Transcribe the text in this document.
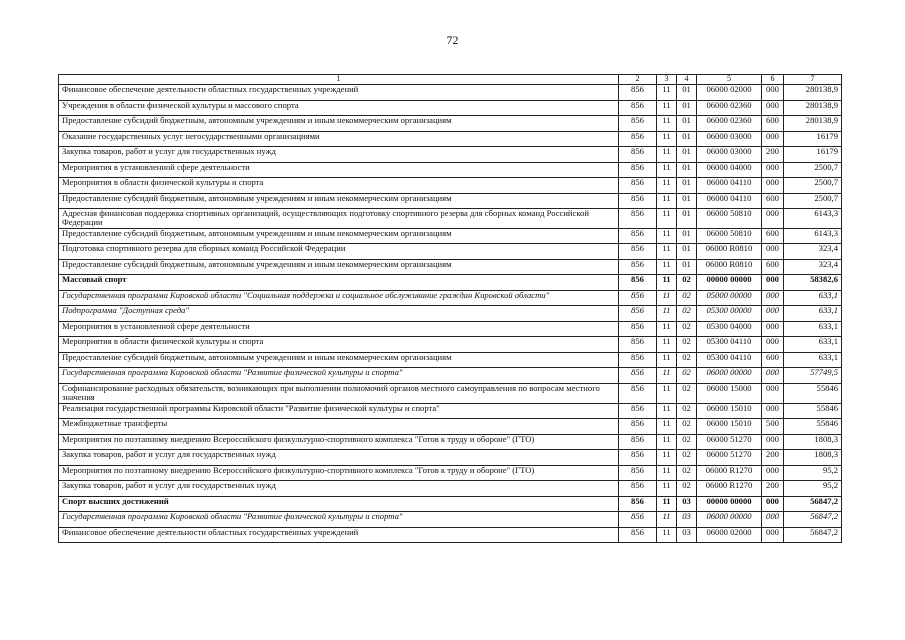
72
1	2	3	4	5	6	7
Финансовое обеспечение деятельности областных государственных учреждений	856	11	01	06000 02000	000	280138,9
Учреждения в области физической культуры и массового спорта	856	11	01	06000 02360	000	280138,9
Предоставление субсидий бюджетным, автономным учреждениям и иным некоммерческим организациям	856	11	01	06000 02360	600	280138,9
Оказание государственных услуг негосударственными организациями	856	11	01	06000 03000	000	16179
Закупка товаров, работ и услуг для государственных нужд	856	11	01	06000 03000	200	16179
Мероприятия в установленной сфере деятельности	856	11	01	06000 04000	000	2500,7
Мероприятия в области физической культуры и спорта	856	11	01	06000 04110	000	2500,7
Предоставление субсидий бюджетным, автономным учреждениям и иным некоммерческим организациям	856	11	01	06000 04110	600	2500,7
Адресная финансовая поддержка спортивных организаций, осуществляющих подготовку спортивного резерва для сборных команд Российской Федерации	856	11	01	06000 50810	000	6143,3
Предоставление субсидий бюджетным, автономным учреждениям и иным некоммерческим организациям	856	11	01	06000 50810	600	6143,3
Подготовка спортивного резерва для сборных команд Российской Федерации	856	11	01	06000 R0810	000	323,4
Предоставление субсидий бюджетным, автономным учреждениям и иным некоммерческим организациям	856	11	01	06000 R0810	600	323,4
Массовый спорт	856	11	02	00000 00000	000	58382,6
Государственная программа Кировской области "Социальная поддержка и социальное обслуживание граждан Кировской области"	856	11	02	05000 00000	000	633,1
Подпрограмма "Доступная среда"	856	11	02	05300 00000	000	633,1
Мероприятия в установленной сфере деятельности	856	11	02	05300 04000	000	633,1
Мероприятия в области физической культуры и спорта	856	11	02	05300 04110	000	633,1
Предоставление субсидий бюджетным, автономным учреждениям и иным некоммерческим организациям	856	11	02	05300 04110	600	633,1
Государственная программа Кировской области "Развитие физической культуры и спорта"	856	11	02	06000 00000	000	57749,5
Софинансирование расходных обязательств, возникающих при выполнении полномочий органов местного самоуправления по вопросам местного значения	856	11	02	06000 15000	000	55846
Реализация государственной программы Кировской области "Развитие физической культуры и спорта"	856	11	02	06000 15010	000	55846
Межбюджетные трансферты	856	11	02	06000 15010	500	55846
Мероприятия по поэтапному внедрению Всероссийского физкультурно-спортивного комплекса "Готов к труду и обороне" (ГТО)	856	11	02	06000 51270	000	1808,3
Закупка товаров, работ и услуг для государственных нужд	856	11	02	06000 51270	200	1808,3
Мероприятия по поэтапному внедрению Всероссийского физкультурно-спортивного комплекса "Готов к труду и обороне" (ГТО)	856	11	02	06000 R1270	000	95,2
Закупка товаров, работ и услуг для государственных нужд	856	11	02	06000 R1270	200	95,2
Спорт высших достижений	856	11	03	00000 00000	000	56847,2
Государственная программа Кировской области "Развитие физической культуры и спорта"	856	11	03	06000 00000	000	56847,2
Финансовое обеспечение деятельности областных государственных учреждений	856	11	03	06000 02000	000	56847,2
